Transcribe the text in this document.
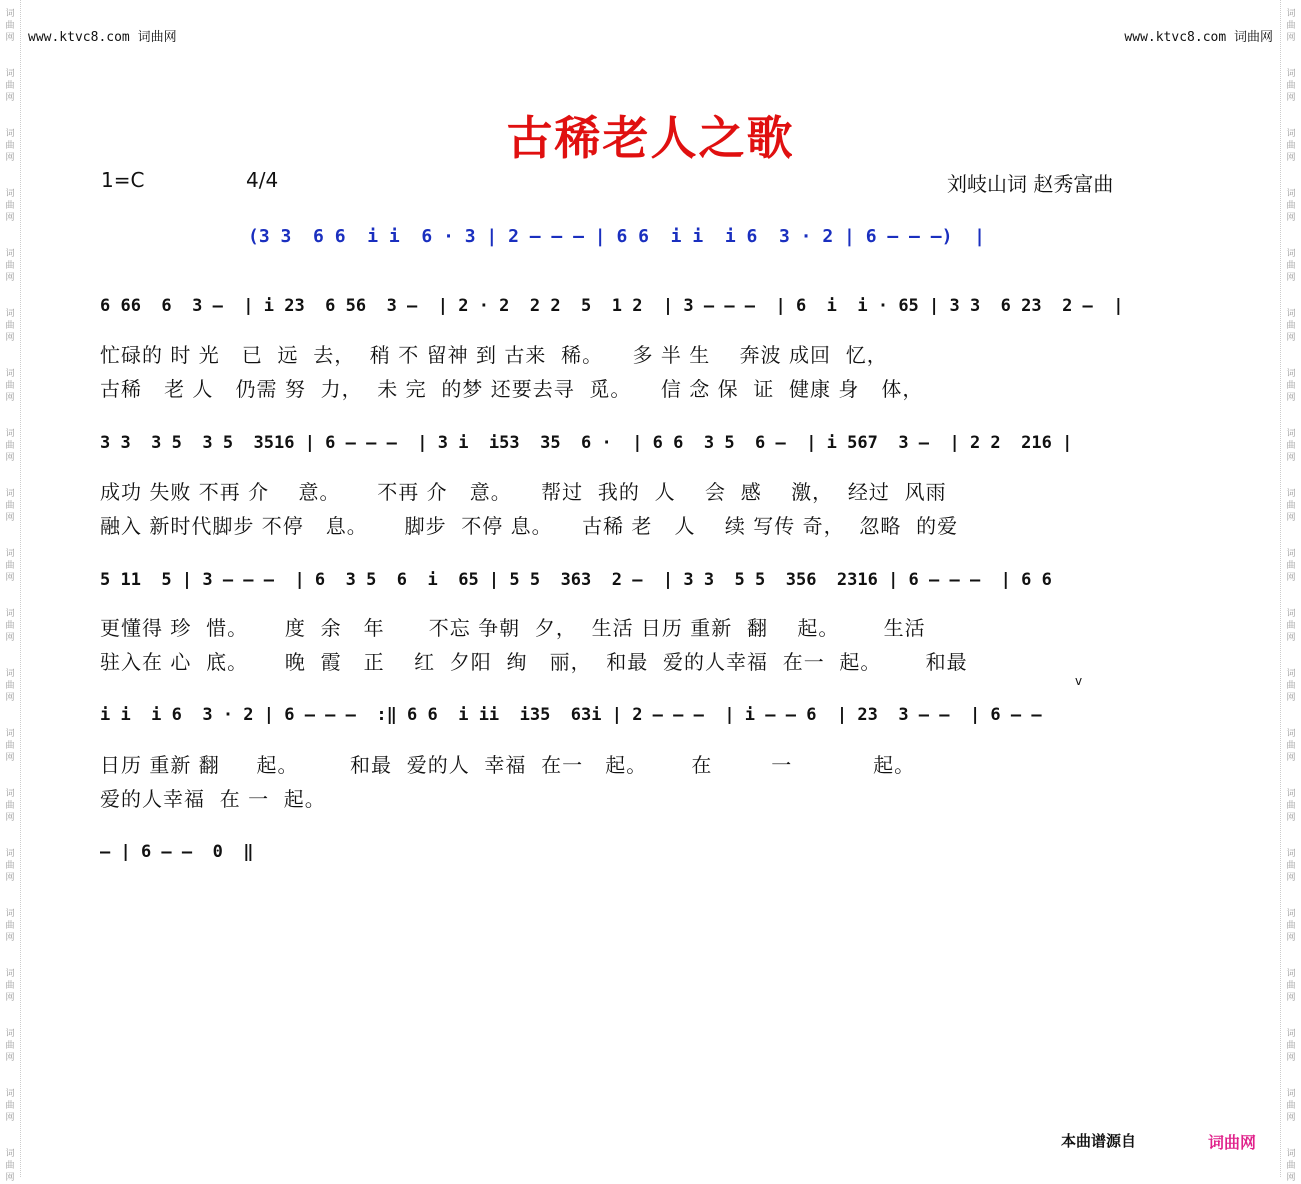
词
曲
网
词
曲
网
词
曲
网
词
曲
网
词
曲
网
词
曲
网
词
曲
网
词
曲
网
词
曲
网
词
曲
网
词
曲
网
词
曲
网
词
曲
网
词
曲
网
词
曲
网
词
曲
网
词
曲
网
词
曲
网
词
曲
网
词
曲
网
词
曲
网
词
曲
网
词
曲
网
词
曲
网
词
曲
网
词
曲
网
词
曲
网
词
曲
网
词
曲
网
词
曲
网
词
曲
网
词
曲
网
词
曲
网
词
曲
网
词
曲
网
词
曲
网
词
曲
网
词
曲
网
词
曲
网
词
曲
网
www.ktvc8.com 词曲网	www.ktvc8.com 词曲网
古稀老人之歌
1=C	4/4	刘岐山词 赵秀富曲
(3 3  6 6  i i  6 · 3 | 2 — — — | 6 6  i i  i 6  3 · 2 | 6 — — —)  |
6 66  6  3 —  | i 23  6 56  3 —  | 2 · 2  2 2  5  1 2  | 3 — — —  | 6  i  i · 65 | 3 3  6 23  2 —  |
忙碌的 时 光   已  远  去，  稍 不 留神 到 古来  稀。    多 半 生    奔波 成回  忆，
古稀   老 人   仍需 努  力，  未 完  的梦 还要去寻  觅。    信 念 保  证  健康 身   体，
3 3  3 5  3 5  3516 | 6 — — —  | 3 i  i53  35  6 ·  | 6 6  3 5  6 —  | i 567  3 —  | 2 2  216 |
成功 失败 不再 介    意。     不再 介   意。    帮过  我的  人    会  感    激，  经过  风雨
融入 新时代脚步 不停   息。     脚步  不停 息。    古稀 老   人    续 写传 奇，  忽略  的爱
5 11  5 | 3 — — —  | 6  3 5  6  i  65 | 5 5  363  2 —  | 3 3  5 5  356  2316 | 6 — — —  | 6 6
更懂得 珍  惜。     度  余   年      不忘 争朝  夕，  生活 日历 重新  翻    起。      生活
驻入在 心  底。     晚  霞   正    红  夕阳  绚   丽，  和最  爱的人幸福  在一  起。      和最
v
i i  i 6  3 · 2 | 6 — — —  :‖ 6 6  i ii  i35  63i | 2 — — —  | i — — 6  | 23  3 — —  | 6 — —
日历 重新 翻     起。       和最  爱的人  幸福  在一   起。      在        一           起。
爱的人幸福  在 一  起。
— | 6 — —  0  ‖
本曲谱源自	词曲网
